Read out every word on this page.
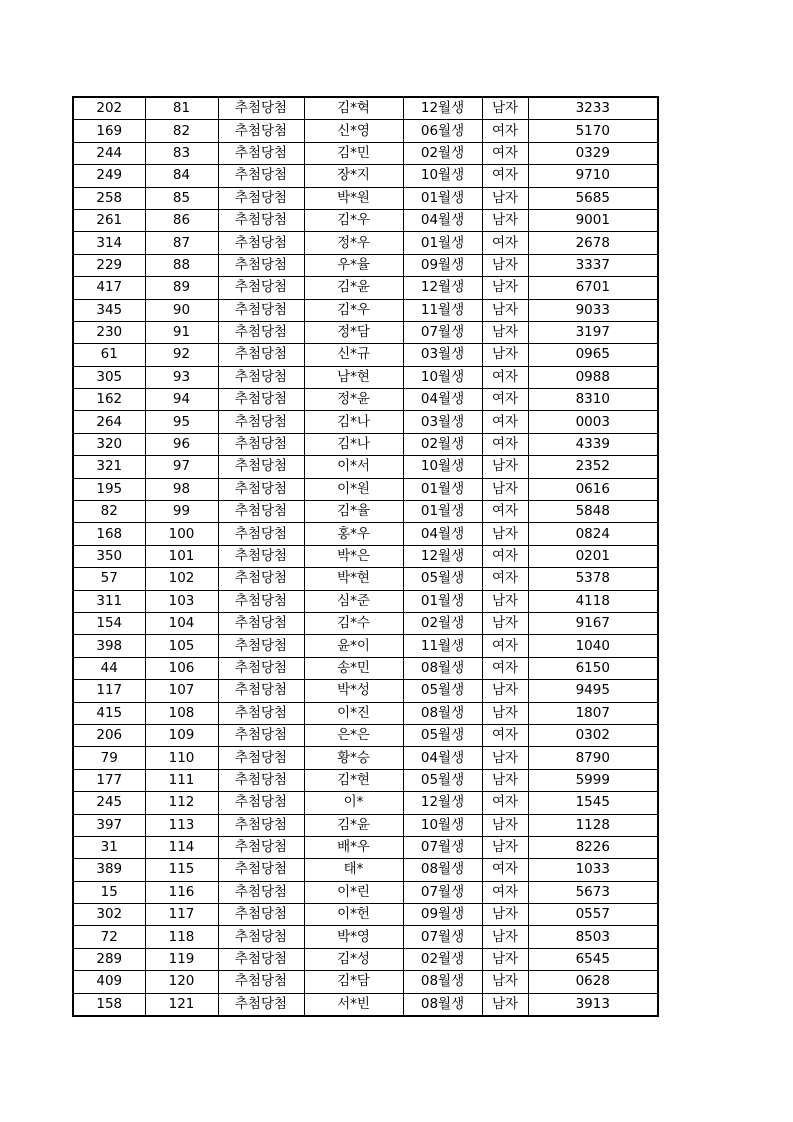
202	81	추첨당첨	김*혁	12월생	남자	3233
169	82	추첨당첨	신*영	06월생	여자	5170
244	83	추첨당첨	김*민	02월생	여자	0329
249	84	추첨당첨	장*지	10월생	여자	9710
258	85	추첨당첨	박*원	01월생	남자	5685
261	86	추첨당첨	김*우	04월생	남자	9001
314	87	추첨당첨	정*우	01월생	여자	2678
229	88	추첨당첨	우*율	09월생	남자	3337
417	89	추첨당첨	김*윤	12월생	남자	6701
345	90	추첨당첨	김*우	11월생	남자	9033
230	91	추첨당첨	정*담	07월생	남자	3197
61	92	추첨당첨	신*규	03월생	남자	0965
305	93	추첨당첨	남*현	10월생	여자	0988
162	94	추첨당첨	정*윤	04월생	여자	8310
264	95	추첨당첨	김*나	03월생	여자	0003
320	96	추첨당첨	김*나	02월생	여자	4339
321	97	추첨당첨	이*서	10월생	남자	2352
195	98	추첨당첨	이*원	01월생	남자	0616
82	99	추첨당첨	김*율	01월생	여자	5848
168	100	추첨당첨	홍*우	04월생	남자	0824
350	101	추첨당첨	박*은	12월생	여자	0201
57	102	추첨당첨	박*현	05월생	여자	5378
311	103	추첨당첨	심*준	01월생	남자	4118
154	104	추첨당첨	김*수	02월생	남자	9167
398	105	추첨당첨	윤*이	11월생	여자	1040
44	106	추첨당첨	송*민	08월생	여자	6150
117	107	추첨당첨	박*성	05월생	남자	9495
415	108	추첨당첨	이*진	08월생	남자	1807
206	109	추첨당첨	은*은	05월생	여자	0302
79	110	추첨당첨	황*승	04월생	남자	8790
177	111	추첨당첨	김*현	05월생	남자	5999
245	112	추첨당첨	이*	12월생	여자	1545
397	113	추첨당첨	김*윤	10월생	남자	1128
31	114	추첨당첨	배*우	07월생	남자	8226
389	115	추첨당첨	태*	08월생	여자	1033
15	116	추첨당첨	이*린	07월생	여자	5673
302	117	추첨당첨	이*헌	09월생	남자	0557
72	118	추첨당첨	박*영	07월생	남자	8503
289	119	추첨당첨	김*성	02월생	남자	6545
409	120	추첨당첨	김*담	08월생	남자	0628
158	121	추첨당첨	서*빈	08월생	남자	3913
